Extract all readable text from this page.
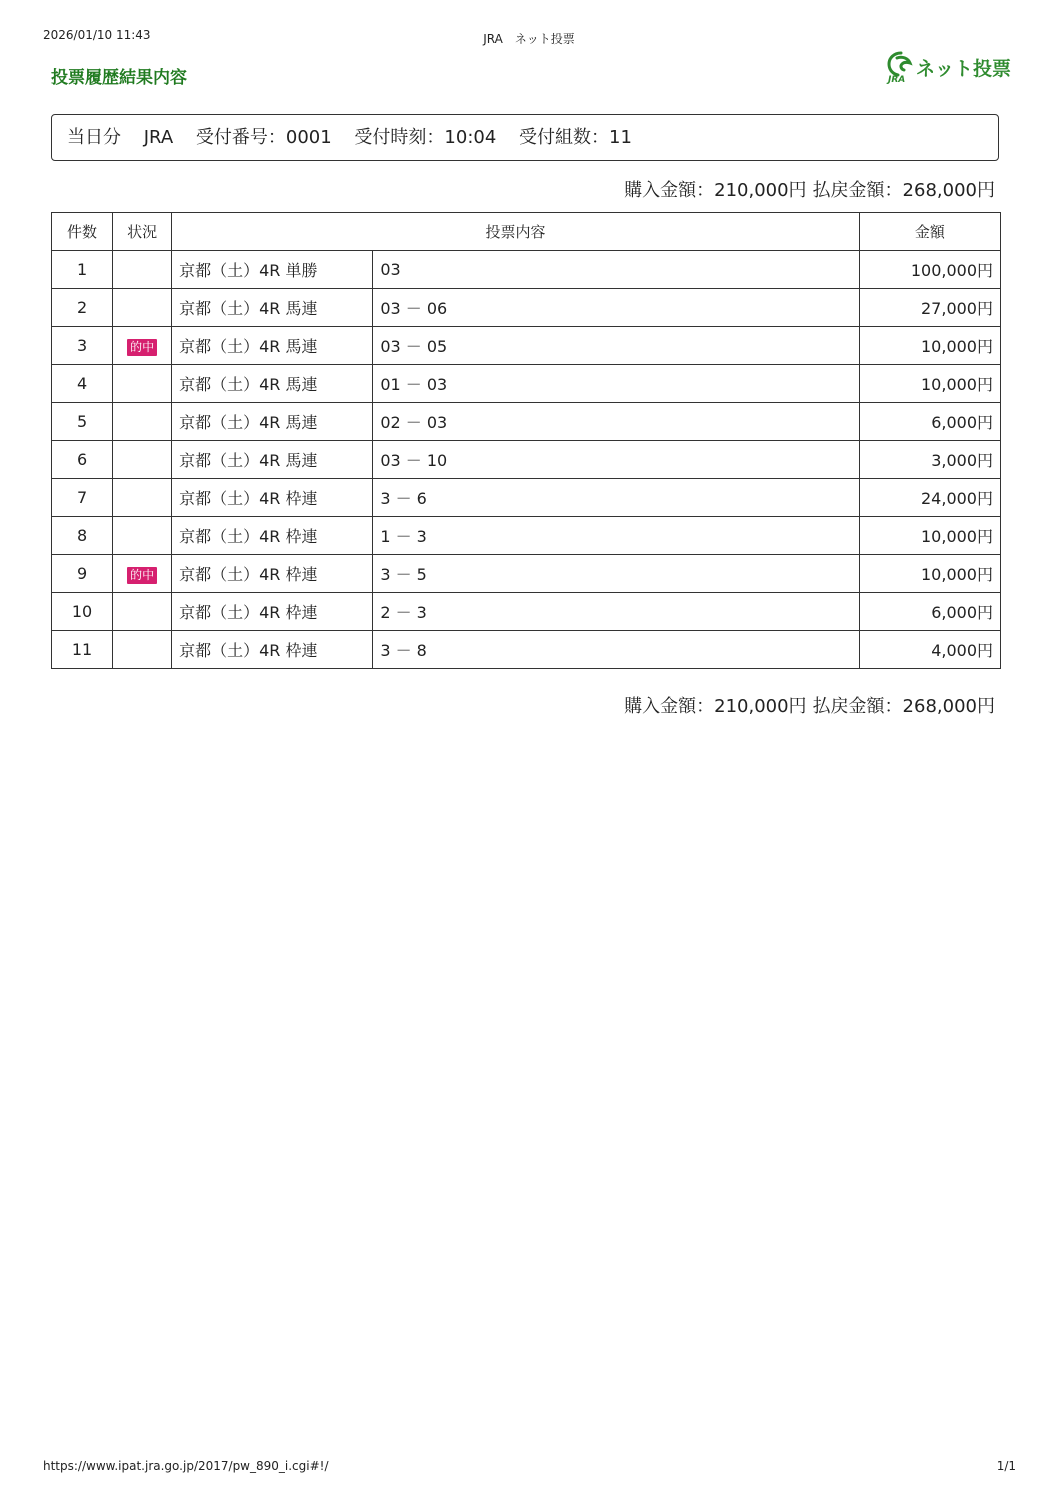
2026/01/10 11:43	JRA　ネット投票
投票履歴結果内容	ネット投票
JRA
当日分 JRA 受付番号：0001 受付時刻：10:04 受付組数：11
購入金額：210,000円 払戻金額：268,000円
件数	状況	投票内容		金額
1		京都（土）4R 単勝	03	100,000円
2		京都（土）4R 馬連	03 － 06	27,000円
3	的中	京都（土）4R 馬連	03 － 05	10,000円
4		京都（土）4R 馬連	01 － 03	10,000円
5		京都（土）4R 馬連	02 － 03	6,000円
6		京都（土）4R 馬連	03 － 10	3,000円
7		京都（土）4R 枠連	3 － 6	24,000円
8		京都（土）4R 枠連	1 － 3	10,000円
9	的中	京都（土）4R 枠連	3 － 5	10,000円
10		京都（土）4R 枠連	2 － 3	6,000円
11		京都（土）4R 枠連	3 － 8	4,000円
購入金額：210,000円 払戻金額：268,000円
https://www.ipat.jra.go.jp/2017/pw_890_i.cgi#!/	1/1
